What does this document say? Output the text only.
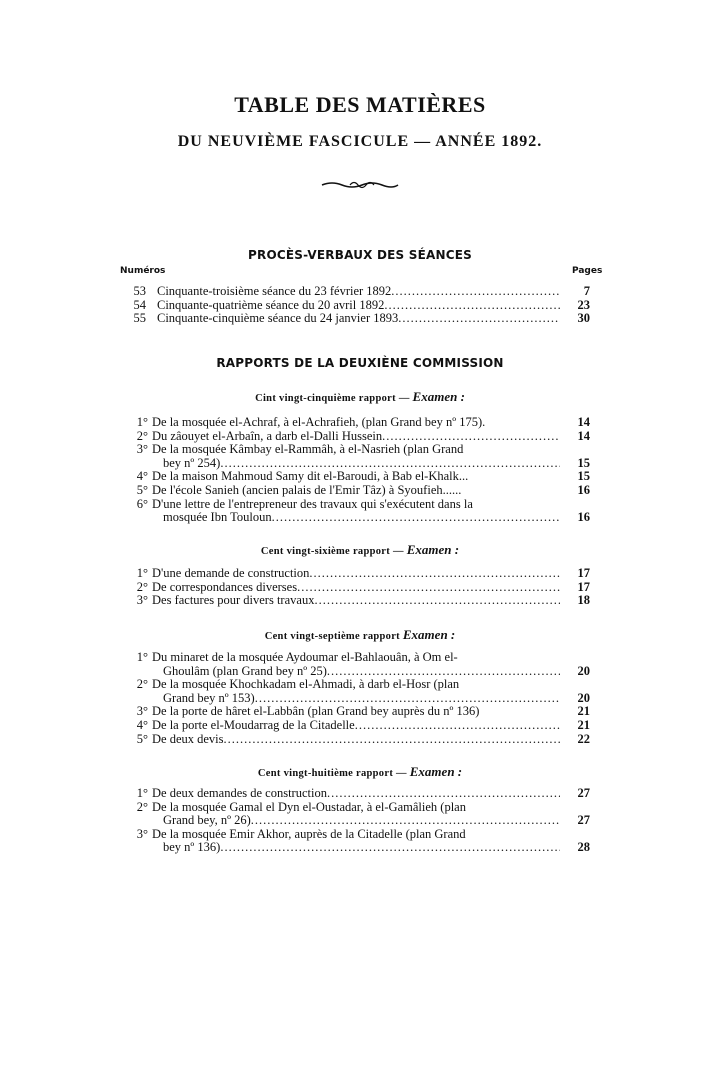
TABLE DES MATIÈRES
DU NEUVIÈME FASCICULE — ANNÉE 1892.
PROCÈS-VERBAUX DES SÉANCES
Numéros	Pages
53 Cinquante-troisième séance du 23 février 1892 .....	7
54 Cinquante-quatrième séance du 20 avril 1892 .....	23
55 Cinquante-cinquième séance du 24 janvier 1893 .....	30
RAPPORTS DE LA DEUXIÈNE COMMISSION
Cint vingt-cinquième rapport — Examen :
1° De la mosquée el-Achraf, à el-Achrafieh, (plan Grand bey nº 175).	14
2° Du zâouyet el-Arbaîn, a darb el-Dalli Hussein .....	14
3° De la mosquée Kâmbay el-Rammâh, à el-Nasrieh (plan Grand
bey nº 254) .....	15
4° De la maison Mahmoud Samy dit el-Baroudi, à Bab el-Khalk...	15
5° De l'école Sanieh (ancien palais de l'Emir Tâz) à Syoufieh......	16
6° D'une lettre de l'entrepreneur des travaux qui s'exécutent dans la
mosquée Ibn Touloun .....	16
Cent vingt-sixième rapport — Examen :
1° D'une demande de construction .....	17
2° De correspondances diverses .....	17
3° Des factures pour divers travaux .....	18
Cent vingt-septième rapport Examen :
1° Du minaret de la mosquée Aydoumar el-Bahlaouân, à Om el-
Ghoulâm (plan Grand bey nº 25) .....	20
2° De la mosquée Khochkadam el-Ahmadi, à darb el-Hosr (plan
Grand bey nº 153) .....	20
3° De la porte de hâret el-Labbân (plan Grand bey auprès du nº 136)	21
4° De la porte el-Moudarrag de la Citadelle .....	21
5° De deux devis .....	22
Cent vingt-huitième rapport — Examen :
1° De deux demandes de construction .....	27
2° De la mosquée Gamal el Dyn el-Oustadar, à el-Gamâlieh (plan
Grand bey, nº 26) .....	27
3° De la mosquée Emir Akhor, auprès de la Citadelle (plan Grand
bey nº 136) .....	28
